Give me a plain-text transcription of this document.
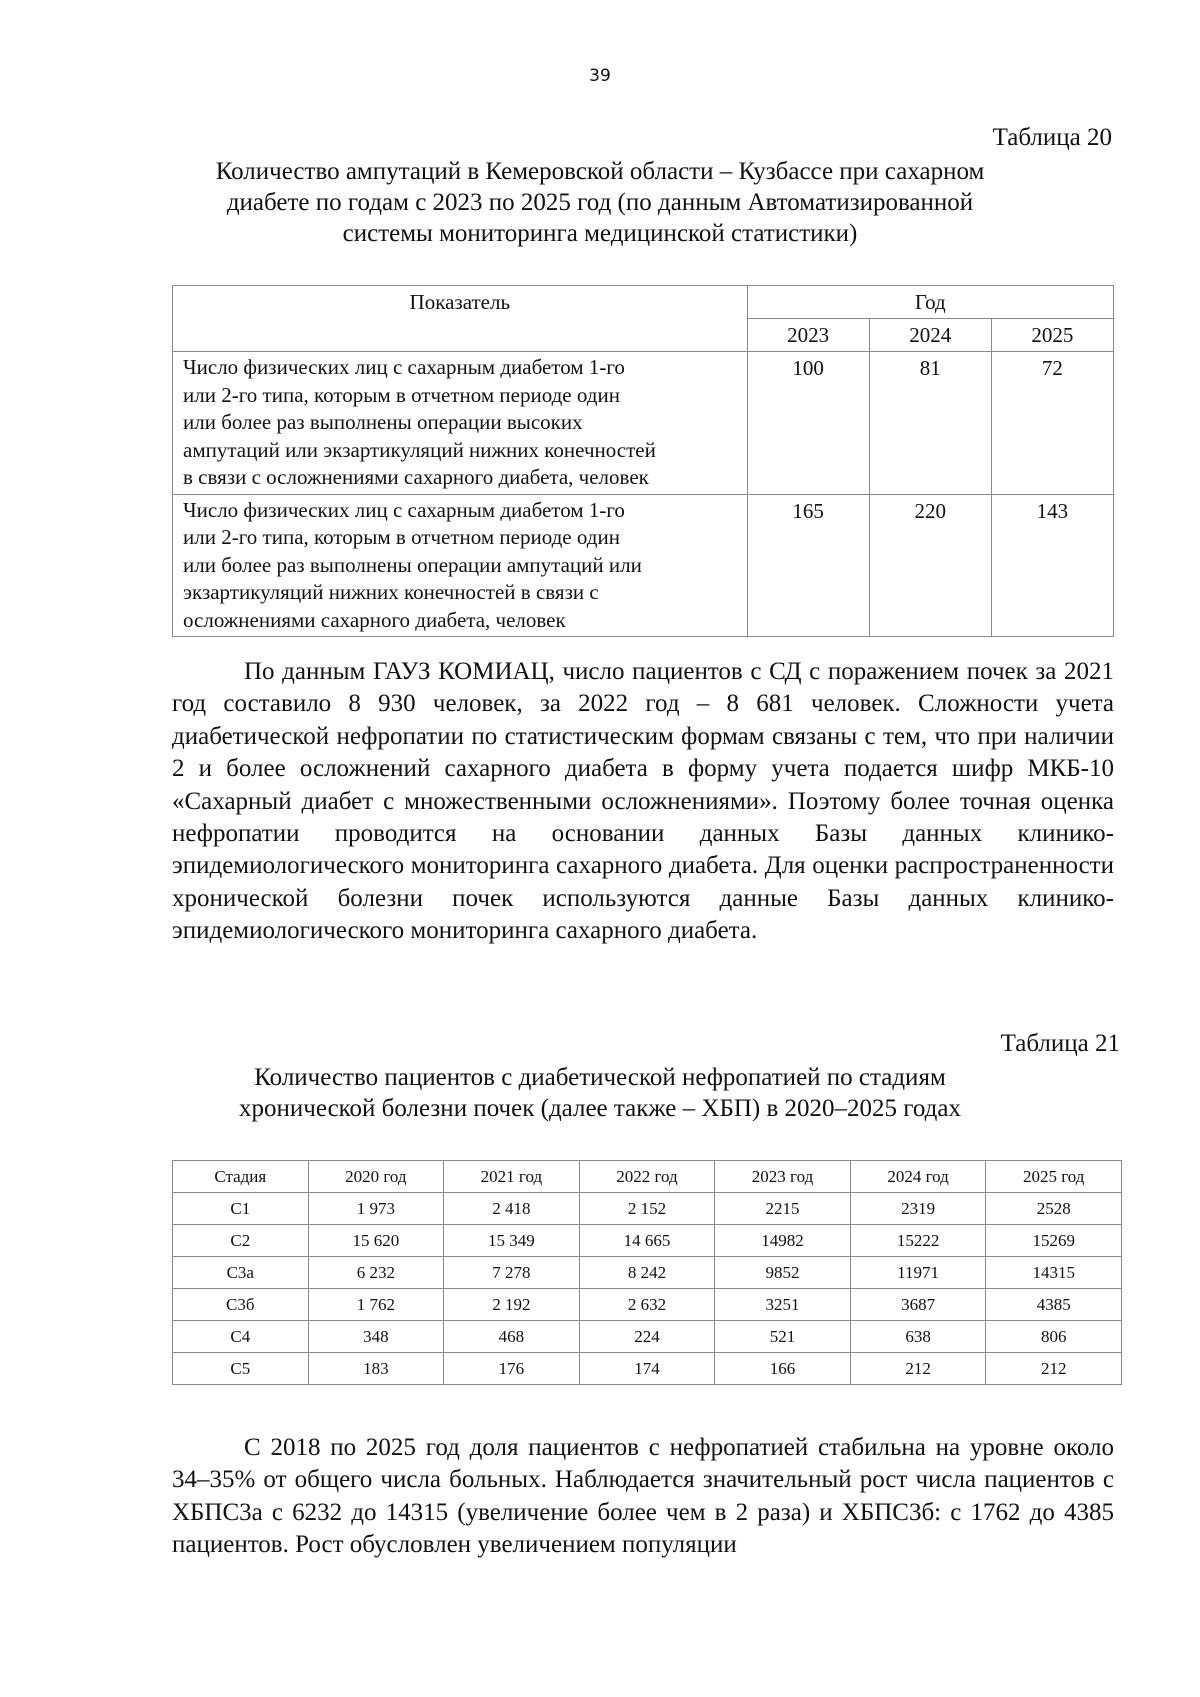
39
Таблица 20
Количество ампутаций в Кемеровской области – Кузбассе при сахарном
диабете по годам с 2023 по 2025 год (по данным Автоматизированной
системы мониторинга медицинской статистики)
Показатель	Год		
	2023	2024	2025

Число физических лиц с сахарным диабетом 1-го
или 2-го типа, которым в отчетном периоде один
или более раз выполнены операции высоких
ампутаций или экзартикуляций нижних конечностей
в связи с осложнениями сахарного диабета, человек	100	81	72

Число физических лиц с сахарным диабетом 1-го
или 2-го типа, которым в отчетном периоде один
или более раз выполнены операции ампутаций или
экзартикуляций нижних конечностей в связи с
осложнениями сахарного диабета, человек	165	220	143

По данным ГАУЗ КОМИАЦ, число пациентов с СД с поражением почек за 2021 год составило 8 930 человек, за 2022 год – 8 681 человек. Сложности учета диабетической нефропатии по статистическим формам связаны с тем, что при наличии 2 и более осложнений сахарного диабета в форму учета подается шифр МКБ-10 «Сахарный диабет с множественными осложнениями». Поэтому более точная оценка нефропатии проводится на основании данных Базы данных клинико-эпидемиологического мониторинга сахарного диабета. Для оценки распространенности хронической болезни почек используются данные Базы данных клинико-эпидемиологического мониторинга сахарного диабета.

Таблица 21
Количество пациентов с диабетической нефропатией по стадиям
хронической болезни почек (далее также – ХБП) в 2020–2025 годах
Стадия	2020 год	2021 год	2022 год	2023 год	2024 год	2025 год
С1	1 973	2 418	2 152	2215	2319	2528
С2	15 620	15 349	14 665	14982	15222	15269
С3а	6 232	7 278	8 242	9852	11971	14315
С3б	1 762	2 192	2 632	3251	3687	4385
С4	348	468	224	521	638	806
С5	183	176	174	166	212	212

С 2018 по 2025 год доля пациентов с нефропатией стабильна на уровне около 34–35% от общего числа больных. Наблюдается значительный рост числа пациентов с ХБПС3а с 6232 до 14315 (увеличение более чем в 2 раза) и ХБПС3б: с 1762 до 4385 пациентов. Рост обусловлен увеличением популяции
